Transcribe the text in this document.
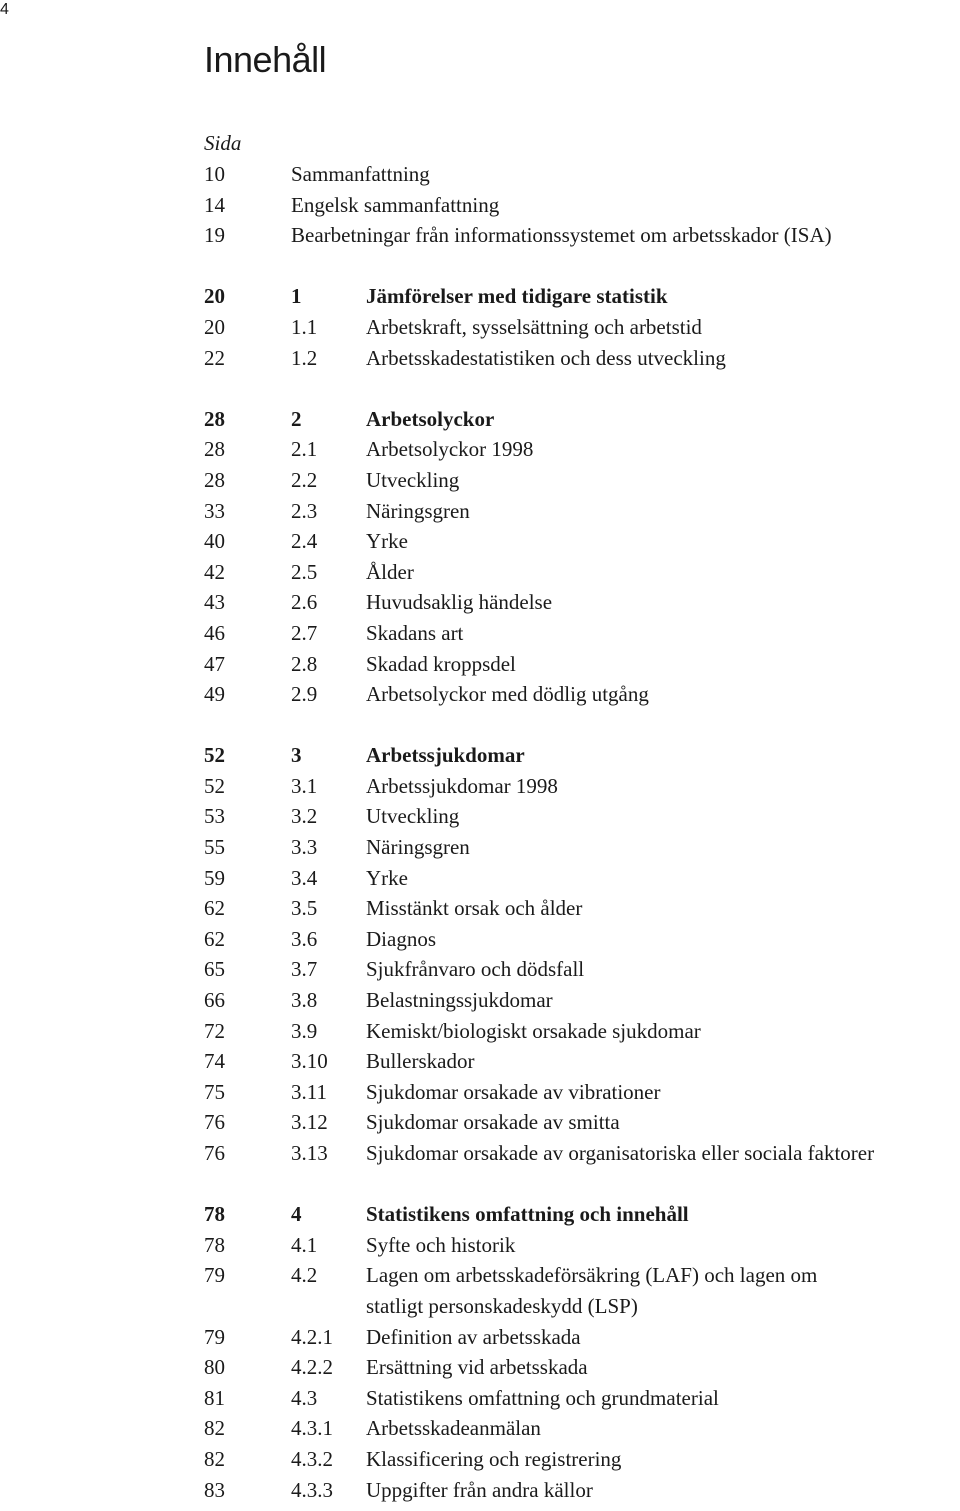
4
Innehåll
Sida
10	Sammanfattning
14	Engelsk sammanfattning
19	Bearbetningar från informationssystemet om arbetsskador (ISA)
20	1	Jämförelser med tidigare statistik
20	1.1 Arbetskraft, sysselsättning och arbetstid
22	1.2 Arbetsskadestatistiken och dess utveckling
28	2	Arbetsolyckor
28	2.1 Arbetsolyckor 1998
28	2.2 Utveckling
33	2.3 Näringsgren
40	2.4 Yrke
42	2.5 Ålder
43	2.6 Huvudsaklig händelse
46	2.7 Skadans art
47	2.8 Skadad kroppsdel
49	2.9 Arbetsolyckor med dödlig utgång
52	3	Arbetssjukdomar
52	3.1 Arbetssjukdomar 1998
53	3.2 Utveckling
55	3.3 Näringsgren
59	3.4 Yrke
62	3.5 Misstänkt orsak och ålder
62	3.6 Diagnos
65	3.7 Sjukfrånvaro och dödsfall
66	3.8 Belastningssjukdomar
72	3.9 Kemiskt/biologiskt orsakade sjukdomar
74	3.10 Bullerskador
75	3.11 Sjukdomar orsakade av vibrationer
76	3.12 Sjukdomar orsakade av smitta
76	3.13 Sjukdomar orsakade av organisatoriska eller sociala faktorer
78	4	Statistikens omfattning och innehåll
78	4.1 Syfte och historik
79	4.2 Lagen om arbetsskadeförsäkring (LAF) och lagen om
statligt personskadeskydd (LSP)
79	4.2.1 Definition av arbetsskada
80	4.2.2 Ersättning vid arbetsskada
81	4.3 Statistikens omfattning och grundmaterial
82	4.3.1 Arbetsskadeanmälan
82	4.3.2 Klassificering och registrering
83	4.3.3 Uppgifter från andra källor
